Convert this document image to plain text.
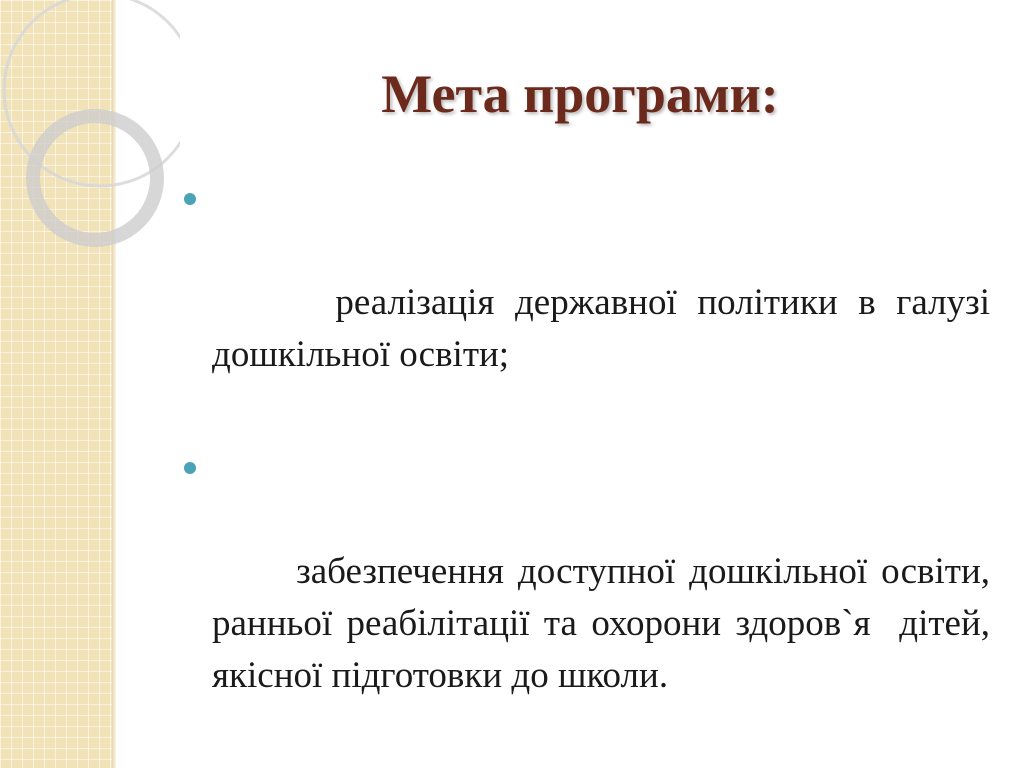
Мета програми:

реалізація державної політики в галузі дошкільної освіти;

забезпечення доступної дошкільної освіти, ранньої реабілітації та охорони здоров`я  дітей, якісної підготовки до школи.
